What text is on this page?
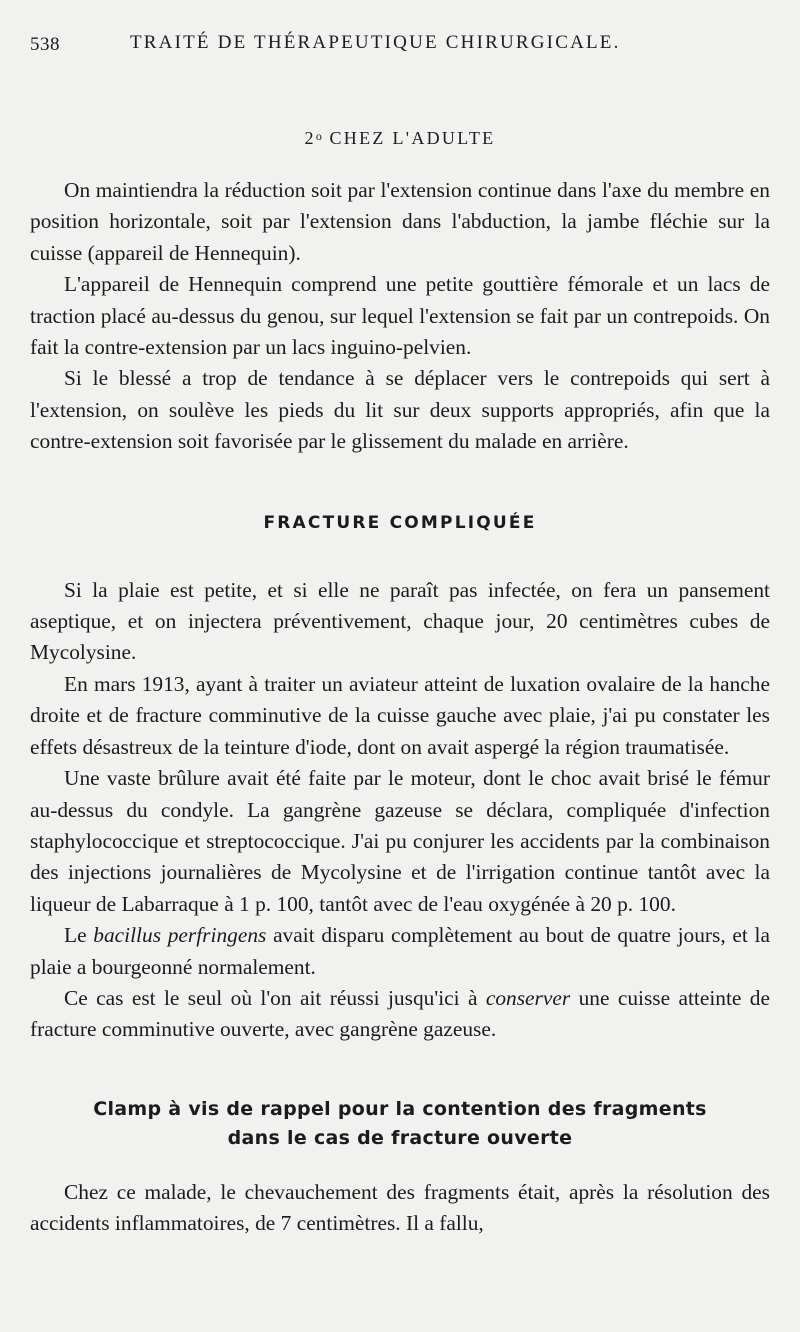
538	TRAITÉ DE THÉRAPEUTIQUE CHIRURGICALE.
2$^o$ CHEZ L'ADULTE

On maintiendra la réduction soit par l'extension continue dans l'axe du membre en position horizontale, soit par l'extension dans l'abduction, la jambe fléchie sur la cuisse (appareil de Hennequin).

L'appareil de Hennequin comprend une petite gouttière fémorale et un lacs de traction placé au-dessus du genou, sur lequel l'extension se fait par un contrepoids. On fait la contre-extension par un lacs inguino-pelvien.

Si le blessé a trop de tendance à se déplacer vers le contrepoids qui sert à l'extension, on soulève les pieds du lit sur deux supports appropriés, afin que la contre-extension soit favorisée par le glissement du malade en arrière.

FRACTURE COMPLIQUÉE

Si la plaie est petite, et si elle ne paraît pas infectée, on fera un pansement aseptique, et on injectera préventivement, chaque jour, 20 centimètres cubes de Mycolysine.

En mars 1913, ayant à traiter un aviateur atteint de luxation ovalaire de la hanche droite et de fracture comminutive de la cuisse gauche avec plaie, j'ai pu constater les effets désastreux de la teinture d'iode, dont on avait aspergé la région traumatisée.

Une vaste brûlure avait été faite par le moteur, dont le choc avait brisé le fémur au-dessus du condyle. La gangrène gazeuse se déclara, compliquée d'infection staphylococcique et streptococcique. J'ai pu conjurer les accidents par la combinaison des injections journalières de Mycolysine et de l'irrigation continue tantôt avec la liqueur de Labarraque à 1 p. 100, tantôt avec de l'eau oxygénée à 20 p. 100.

Le bacillus perfringens avait disparu complètement au bout de quatre jours, et la plaie a bourgeonné normalement.

Ce cas est le seul où l'on ait réussi jusqu'ici à conserver une cuisse atteinte de fracture comminutive ouverte, avec gangrène gazeuse.

Clamp à vis de rappel pour la contention des fragments
dans le cas de fracture ouverte

Chez ce malade, le chevauchement des fragments était, après la résolution des accidents inflammatoires, de 7 centimètres. Il a fallu,
